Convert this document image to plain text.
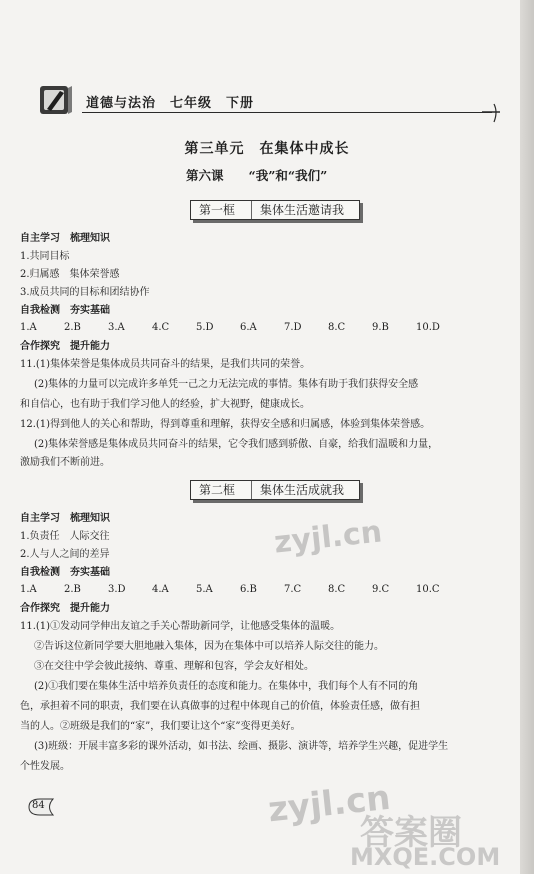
道德与法治　七年级　下册
第三单元　在集体中成长
第六课　　“我”和“我们”
第一框 集体生活邀请我
自主学习 梳理知识
1.共同目标
2.归属感　集体荣誉感
3.成员共同的目标和团结协作
自我检测 夯实基础
1.A	2.B	3.A	4.C	5.D	6.A	7.D	8.C	9.B	10.D
合作探究 提升能力
11.(1)集体荣誉是集体成员共同奋斗的结果，是我们共同的荣誉。
(2)集体的力量可以完成许多单凭一己之力无法完成的事情。集体有助于我们获得安全感
和自信心，也有助于我们学习他人的经验，扩大视野，健康成长。
12.(1)得到他人的关心和帮助，得到尊重和理解，获得安全感和归属感，体验到集体荣誉感。
(2)集体荣誉感是集体成员共同奋斗的结果，它令我们感到骄傲、自豪，给我们温暖和力量，
激励我们不断前进。
第二框 集体生活成就我
自主学习 梳理知识
1.负责任　人际交往
2.人与人之间的差异
自我检测 夯实基础
1.A	2.B	3.D	4.A	5.A	6.B	7.C	8.C	9.C	10.C
合作探究 提升能力
11.(1)①发动同学伸出友谊之手关心帮助新同学，让他感受集体的温暖。
②告诉这位新同学要大胆地融入集体，因为在集体中可以培养人际交往的能力。
③在交往中学会彼此接纳、尊重、理解和包容，学会友好相处。
(2)①我们要在集体生活中培养负责任的态度和能力。在集体中，我们每个人有不同的角
色，承担着不同的职责，我们要在认真做事的过程中体现自己的价值，体验责任感，做有担
当的人。②班级是我们的“家”，我们要让这个“家”变得更美好。
(3)班级：开展丰富多彩的课外活动，如书法、绘画、摄影、演讲等，培养学生兴趣，促进学生
个性发展。
84
zyjl.cn
zyjl.cn
答案圈
MXQE.COM
